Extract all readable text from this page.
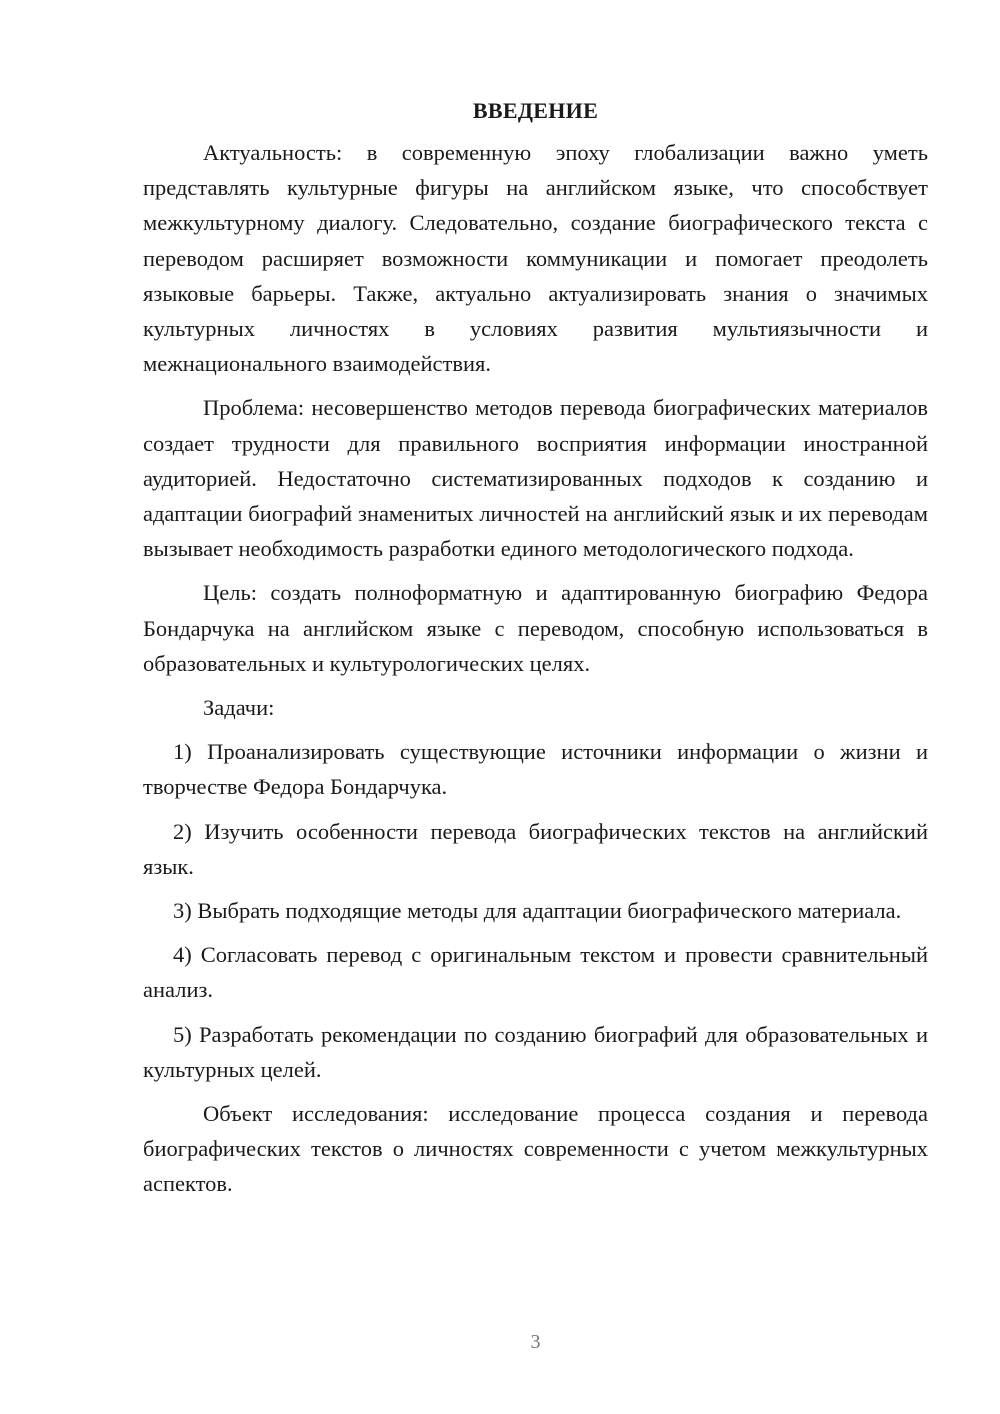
ВВЕДЕНИЕ

Актуальность: в современную эпоху глобализации важно уметь представлять культурные фигуры на английском языке, что способствует межкультурному диалогу. Следовательно, создание биографического текста с переводом расширяет возможности коммуникации и помогает преодолеть языковые барьеры. Также, актуально актуализировать знания о значимых культурных личностях в условиях развития мультиязычности и межнационального взаимодействия.

Проблема: несовершенство методов перевода биографических материалов создает трудности для правильного восприятия информации иностранной аудиторией. Недостаточно систематизированных подходов к созданию и адаптации биографий знаменитых личностей на английский язык и их переводам вызывает необходимость разработки единого методологического подхода.

Цель: создать полноформатную и адаптированную биографию Федора Бондарчука на английском языке с переводом, способную использоваться в образовательных и культурологических целях.

Задачи:

1) Проанализировать существующие источники информации о жизни и творчестве Федора Бондарчука.

2) Изучить особенности перевода биографических текстов на английский язык.

3) Выбрать подходящие методы для адаптации биографического материала.

4) Согласовать перевод с оригинальным текстом и провести сравнительный анализ.

5) Разработать рекомендации по созданию биографий для образовательных и культурных целей.

Объект исследования: исследование процесса создания и перевода биографических текстов о личностях современности с учетом межкультурных аспектов.

3
